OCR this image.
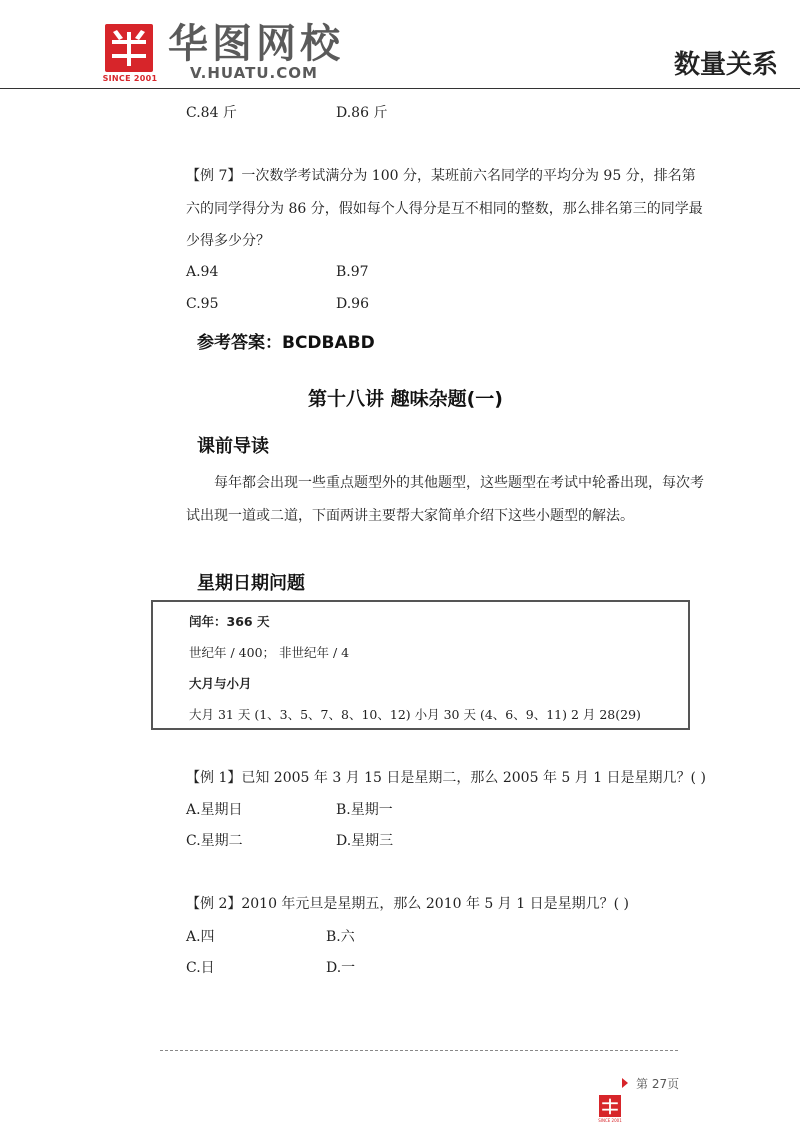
SINCE 2001
华图网校
V.HUATU.COM	数量关系
C.84 斤	D.86 斤
【例 7】一次数学考试满分为 100 分，某班前六名同学的平均分为 95 分，排名第
六的同学得分为 86 分，假如每个人得分是互不相同的整数，那么排名第三的同学最
少得多少分？
A.94	B.97
C.95	D.96
参考答案：BCDBABD
第十八讲 趣味杂题(一)
课前导读
每年都会出现一些重点题型外的其他题型，这些题型在考试中轮番出现，每次考
试出现一道或二道，下面两讲主要帮大家简单介绍下这些小题型的解法。
星期日期问题
闰年：366 天
世纪年 / 400； 非世纪年 / 4
大月与小月
大月 31 天 (1、3、5、7、8、10、12) 小月 30 天 (4、6、9、11) 2 月 28(29)
【例 1】已知 2005 年 3 月 15 日是星期二，那么 2005 年 5 月 1 日是星期几？( )
A.星期日	B.星期一
C.星期二	D.星期三
【例 2】2010 年元旦是星期五，那么 2010 年 5 月 1 日是星期几？( )
A.四	B.六
C.日	D.一
第 27页
SINCE 2001
